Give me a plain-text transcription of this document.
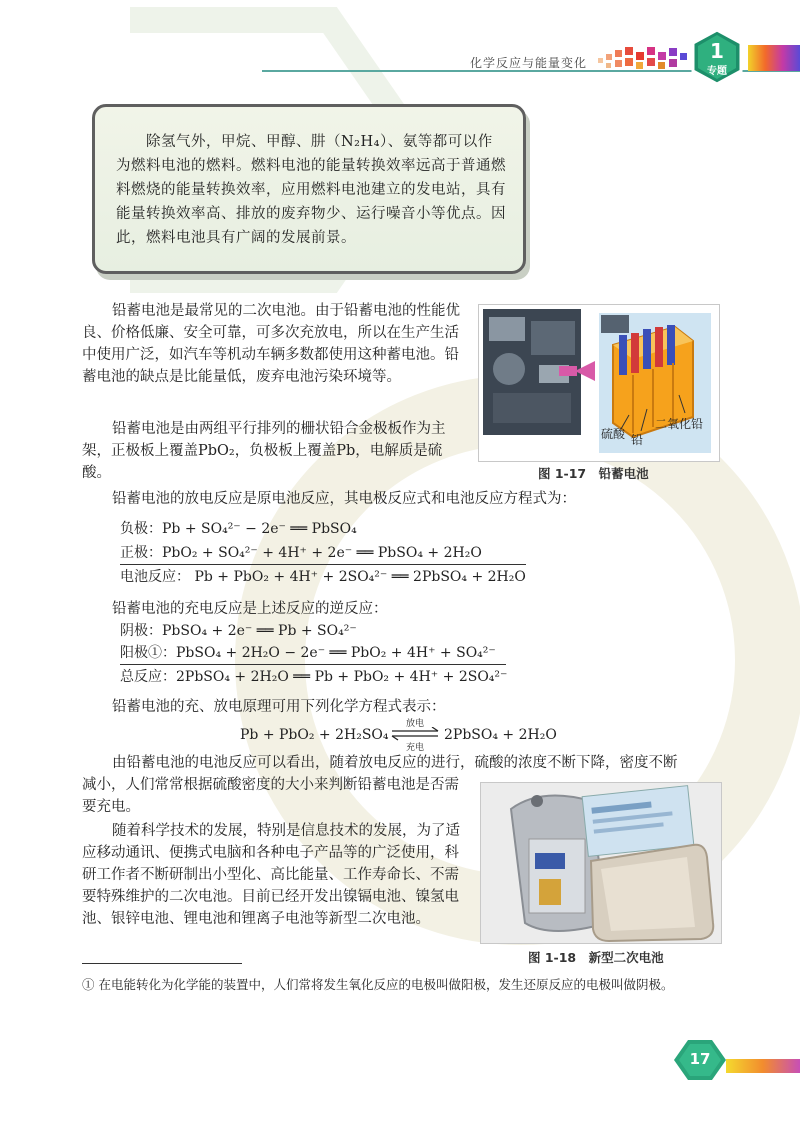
化学反应与能量变化	1
专题
除氢气外，甲烷、甲醇、肼（N₂H₄）、氨等都可以作为燃料电池的燃料。燃料电池的能量转换效率远高于普通燃料燃烧的能量转换效率，应用燃料电池建立的发电站，具有能量转换效率高、排放的废弃物少、运行噪音小等优点。因此，燃料电池具有广阔的发展前景。
铅蓄电池是最常见的二次电池。由于铅蓄电池的性能优良、价格低廉、安全可靠，可多次充放电，所以在生产生活中使用广泛，如汽车等机动车辆多数都使用这种蓄电池。铅蓄电池的缺点是比能量低，废弃电池污染环境等。
铅蓄电池是由两组平行排列的栅状铅合金极板作为主架，正极板上覆盖PbO₂，负极板上覆盖Pb，电解质是硫酸。
硫酸 铅
二氧化铅
图 1-17　铅蓄电池
铅蓄电池的放电反应是原电池反应，其电极反应式和电池反应方程式为：
负极：Pb + SO₄²⁻ − 2e⁻ ══ PbSO₄
正极：PbO₂ + SO₄²⁻ + 4H⁺ + 2e⁻ ══ PbSO₄ + 2H₂O
电池反应： Pb + PbO₂ + 4H⁺ + 2SO₄²⁻ ══ 2PbSO₄ + 2H₂O
铅蓄电池的充电反应是上述反应的逆反应：
阴极：PbSO₄ + 2e⁻ ══ Pb + SO₄²⁻
阳极①：PbSO₄ + 2H₂O − 2e⁻ ══ PbO₂ + 4H⁺ + SO₄²⁻
总反应：2PbSO₄ + 2H₂O ══ Pb + PbO₂ + 4H⁺ + 2SO₄²⁻
铅蓄电池的充、放电原理可用下列化学方程式表示：
Pb + PbO₂ + 2H₂SO₄
放电
充电
2PbSO₄ + 2H₂O
由铅蓄电池的电池反应可以看出，随着放电反应的进行，硫酸的浓度不断下降，密度不断
减小，人们常常根据硫酸密度的大小来判断铅蓄电池是否需要充电。
随着科学技术的发展，特别是信息技术的发展，为了适应移动通讯、便携式电脑和各种电子产品等的广泛使用，科研工作者不断研制出小型化、高比能量、工作寿命长、不需要特殊维护的二次电池。目前已经开发出镍镉电池、镍氢电池、银锌电池、锂电池和锂离子电池等新型二次电池。
图 1-18　新型二次电池
① 在电能转化为化学能的装置中，人们常将发生氧化反应的电极叫做阳极，发生还原反应的电极叫做阴极。
17
